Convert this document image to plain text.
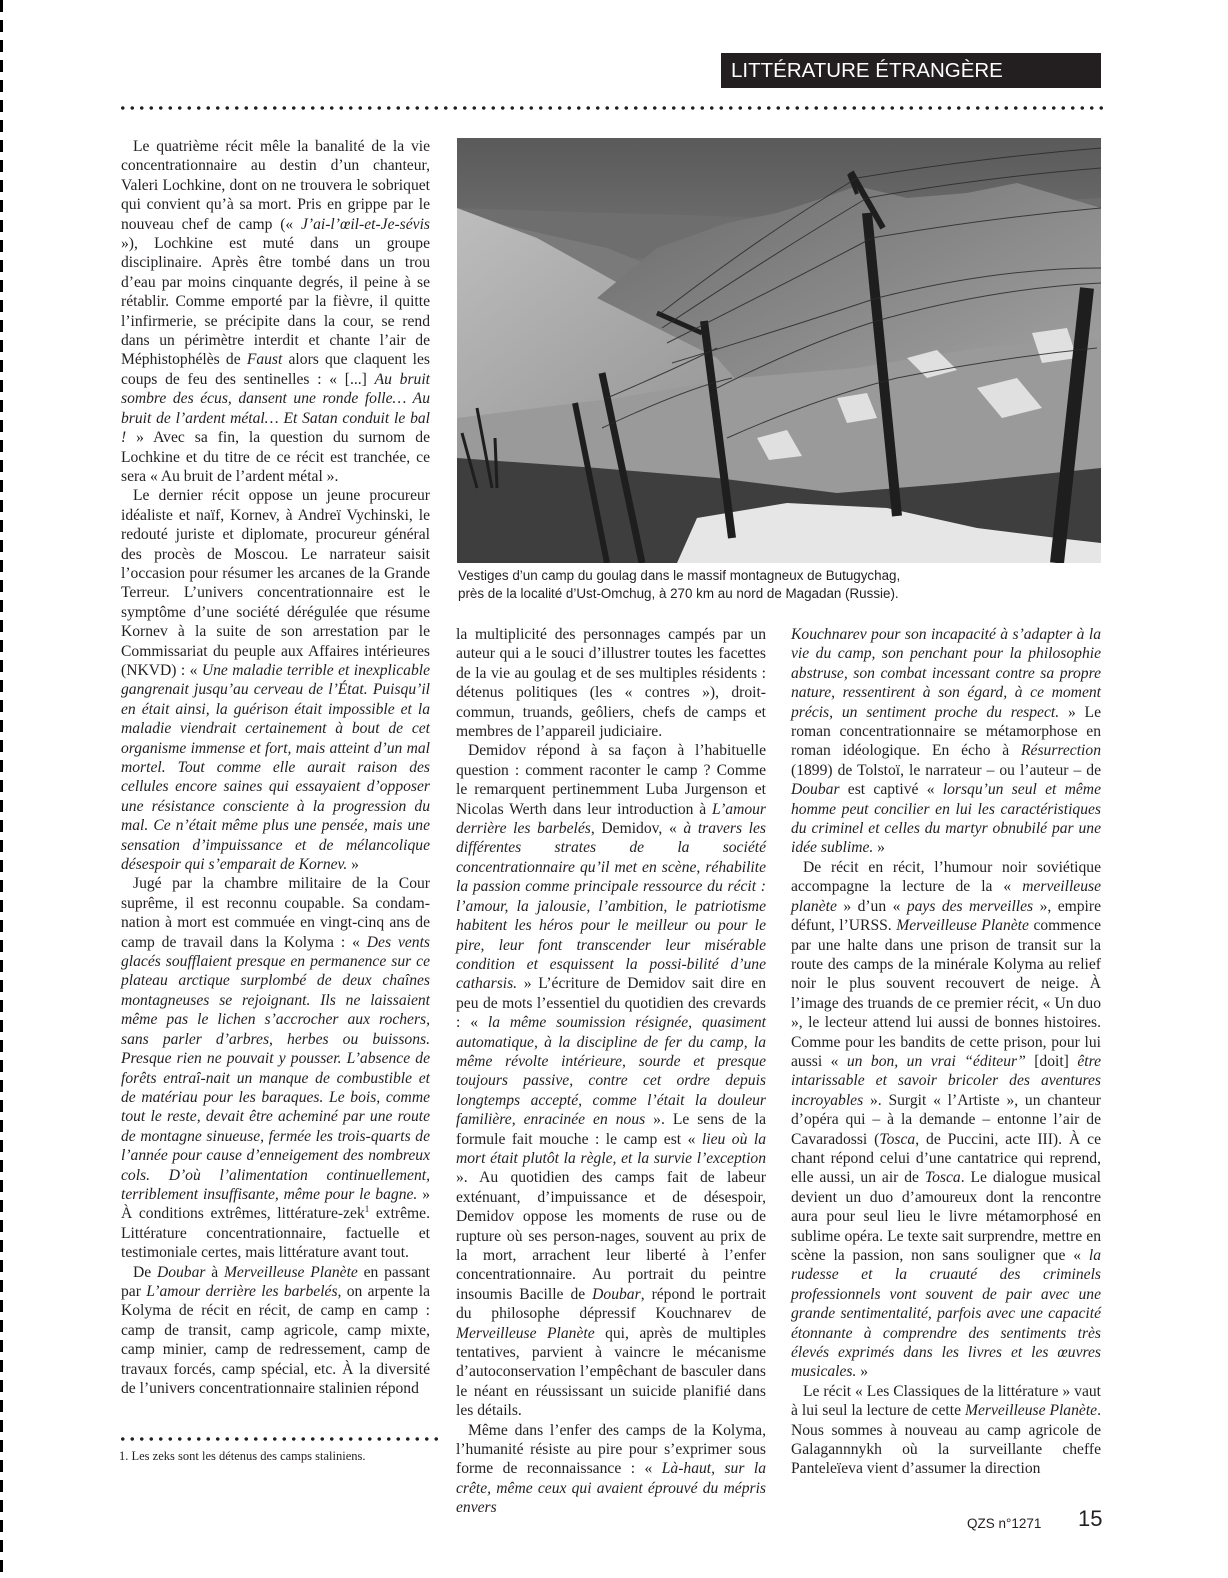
LITTÉRATURE ÉTRANGÈRE

Le quatrième récit mêle la banalité de la vie concentrationnaire au destin d’un chanteur, Valeri Lochkine, dont on ne trouvera le sobriquet qui convient qu’à sa mort. Pris en grippe par le nouveau chef de camp (« J’ai-l’œil-et-Je-sévis »), Lochkine est muté dans un groupe disciplinaire. Après être tombé dans un trou d’eau par moins cinquante degrés, il peine à se rétablir. Comme emporté par la fièvre, il quitte l’infirmerie, se précipite dans la cour, se rend dans un périmètre interdit et chante l’air de Méphistophélès de Faust alors que claquent les coups de feu des sentinelles : « [...] Au bruit sombre des écus, dansent une ronde folle… Au bruit de l’ardent métal… Et Satan conduit le bal ! » Avec sa fin, la question du surnom de Lochkine et du titre de ce récit est tranchée, ce sera « Au bruit de l’ardent métal ».

Le dernier récit oppose un jeune procureur idéaliste et naïf, Kornev, à Andreï Vychinski, le redouté juriste et diplomate, procureur général des procès de Moscou. Le narrateur saisit l’occasion pour résumer les arcanes de la Grande Terreur. L’univers concentrationnaire est le symptôme d’une société dérégulée que résume Kornev à la suite de son arrestation par le Commissariat du peuple aux Affaires intérieures (NKVD) : « Une maladie terrible et inexplicable gangrenait jusqu’au cerveau de l’État. Puisqu’il en était ainsi, la guérison était impossible et la maladie viendrait certainement à bout de cet organisme immense et fort, mais atteint d’un mal mortel. Tout comme elle aurait raison des cellules encore saines qui essayaient d’opposer une résistance consciente à la progression du mal. Ce n’était même plus une pensée, mais une sensation d’impuissance et de mélancolique désespoir qui s’emparait de Kornev. »

Jugé par la chambre militaire de la Cour suprême, il est reconnu coupable. Sa condam-nation à mort est commuée en vingt-cinq ans de camp de travail dans la Kolyma : « Des vents glacés soufflaient presque en permanence sur ce plateau arctique surplombé de deux chaînes montagneuses se rejoignant. Ils ne laissaient même pas le lichen s’accrocher aux rochers, sans parler d’arbres, herbes ou buissons. Presque rien ne pouvait y pousser. L’absence de forêts entraî-nait un manque de combustible et de matériau pour les baraques. Le bois, comme tout le reste, devait être acheminé par une route de montagne sinueuse, fermée les trois-quarts de l’année pour cause d’enneigement des nombreux cols. D’où l’alimentation continuellement, terriblement insuffisante, même pour le bagne. » À conditions extrêmes, littérature-zek$^1$ extrême. Littérature concentrationnaire, factuelle et testimoniale certes, mais littérature avant tout.

De Doubar à Merveilleuse Planète en passant par L’amour derrière les barbelés, on arpente la Kolyma de récit en récit, de camp en camp : camp de transit, camp agricole, camp mixte, camp minier, camp de redressement, camp de travaux forcés, camp spécial, etc. À la diversité de l’univers concentrationnaire stalinien répond

Vestiges d’un camp du goulag dans le massif montagneux de Butugychag,
près de la localité d’Ust-Omchug, à 270 km au nord de Magadan (Russie).

la multiplicité des personnages campés par un auteur qui a le souci d’illustrer toutes les facettes de la vie au goulag et de ses multiples résidents : détenus politiques (les « contres »), droit-commun, truands, geôliers, chefs de camps et membres de l’appareil judiciaire.

Demidov répond à sa façon à l’habituelle question : comment raconter le camp ? Comme le remarquent pertinemment Luba Jurgenson et Nicolas Werth dans leur introduction à L’amour derrière les barbelés, Demidov, « à travers les différentes strates de la société concentrationnaire qu’il met en scène, réhabilite la passion comme principale ressource du récit : l’amour, la jalousie, l’ambition, le patriotisme habitent les héros pour le meilleur ou pour le pire, leur font transcender leur misérable condition et esquissent la possi-bilité d’une catharsis. » L’écriture de Demidov sait dire en peu de mots l’essentiel du quotidien des crevards : « la même soumission résignée, quasiment automatique, à la discipline de fer du camp, la même révolte intérieure, sourde et presque toujours passive, contre cet ordre depuis longtemps accepté, comme l’était la douleur familière, enracinée en nous ». Le sens de la formule fait mouche : le camp est « lieu où la mort était plutôt la règle, et la survie l’exception ». Au quotidien des camps fait de labeur exténuant, d’impuissance et de désespoir, Demidov oppose les moments de ruse ou de rupture où ses person-nages, souvent au prix de la mort, arrachent leur liberté à l’enfer concentrationnaire. Au portrait du peintre insoumis Bacille de Doubar, répond le portrait du philosophe dépressif Kouchnarev de Merveilleuse Planète qui, après de multiples tentatives, parvient à vaincre le mécanisme d’autoconservation l’empêchant de basculer dans le néant en réussissant un suicide planifié dans les détails.

Même dans l’enfer des camps de la Kolyma, l’humanité résiste au pire pour s’exprimer sous forme de reconnaissance : « Là-haut, sur la crête, même ceux qui avaient éprouvé du mépris envers

Kouchnarev pour son incapacité à s’adapter à la vie du camp, son penchant pour la philosophie abstruse, son combat incessant contre sa propre nature, ressentirent à son égard, à ce moment précis, un sentiment proche du respect. » Le roman concentrationnaire se métamorphose en roman idéologique. En écho à Résurrection (1899) de Tolstoï, le narrateur – ou l’auteur – de Doubar est captivé « lorsqu’un seul et même homme peut concilier en lui les caractéristiques du criminel et celles du martyr obnubilé par une idée sublime. »

De récit en récit, l’humour noir soviétique accompagne la lecture de la « merveilleuse planète » d’un « pays des merveilles », empire défunt, l’URSS. Merveilleuse Planète commence par une halte dans une prison de transit sur la route des camps de la minérale Kolyma au relief noir le plus souvent recouvert de neige. À l’image des truands de ce premier récit, « Un duo », le lecteur attend lui aussi de bonnes histoires. Comme pour les bandits de cette prison, pour lui aussi « un bon, un vrai “éditeur” [doit] être intarissable et savoir bricoler des aventures incroyables ». Surgit « l’Artiste », un chanteur d’opéra qui – à la demande – entonne l’air de Cavaradossi (Tosca, de Puccini, acte III). À ce chant répond celui d’une cantatrice qui reprend, elle aussi, un air de Tosca. Le dialogue musical devient un duo d’amoureux dont la rencontre aura pour seul lieu le livre métamorphosé en sublime opéra. Le texte sait surprendre, mettre en scène la passion, non sans souligner que « la rudesse et la cruauté des criminels professionnels vont souvent de pair avec une grande sentimentalité, parfois avec une capacité étonnante à comprendre des sentiments très élevés exprimés dans les livres et les œuvres musicales. »

Le récit « Les Classiques de la littérature » vaut à lui seul la lecture de cette Merveilleuse Planète. Nous sommes à nouveau au camp agricole de Galagannnykh où la surveillante cheffe Panteleïeva vient d’assumer la direction

1. Les zeks sont les détenus des camps staliniens.
QZS n°1271 15
